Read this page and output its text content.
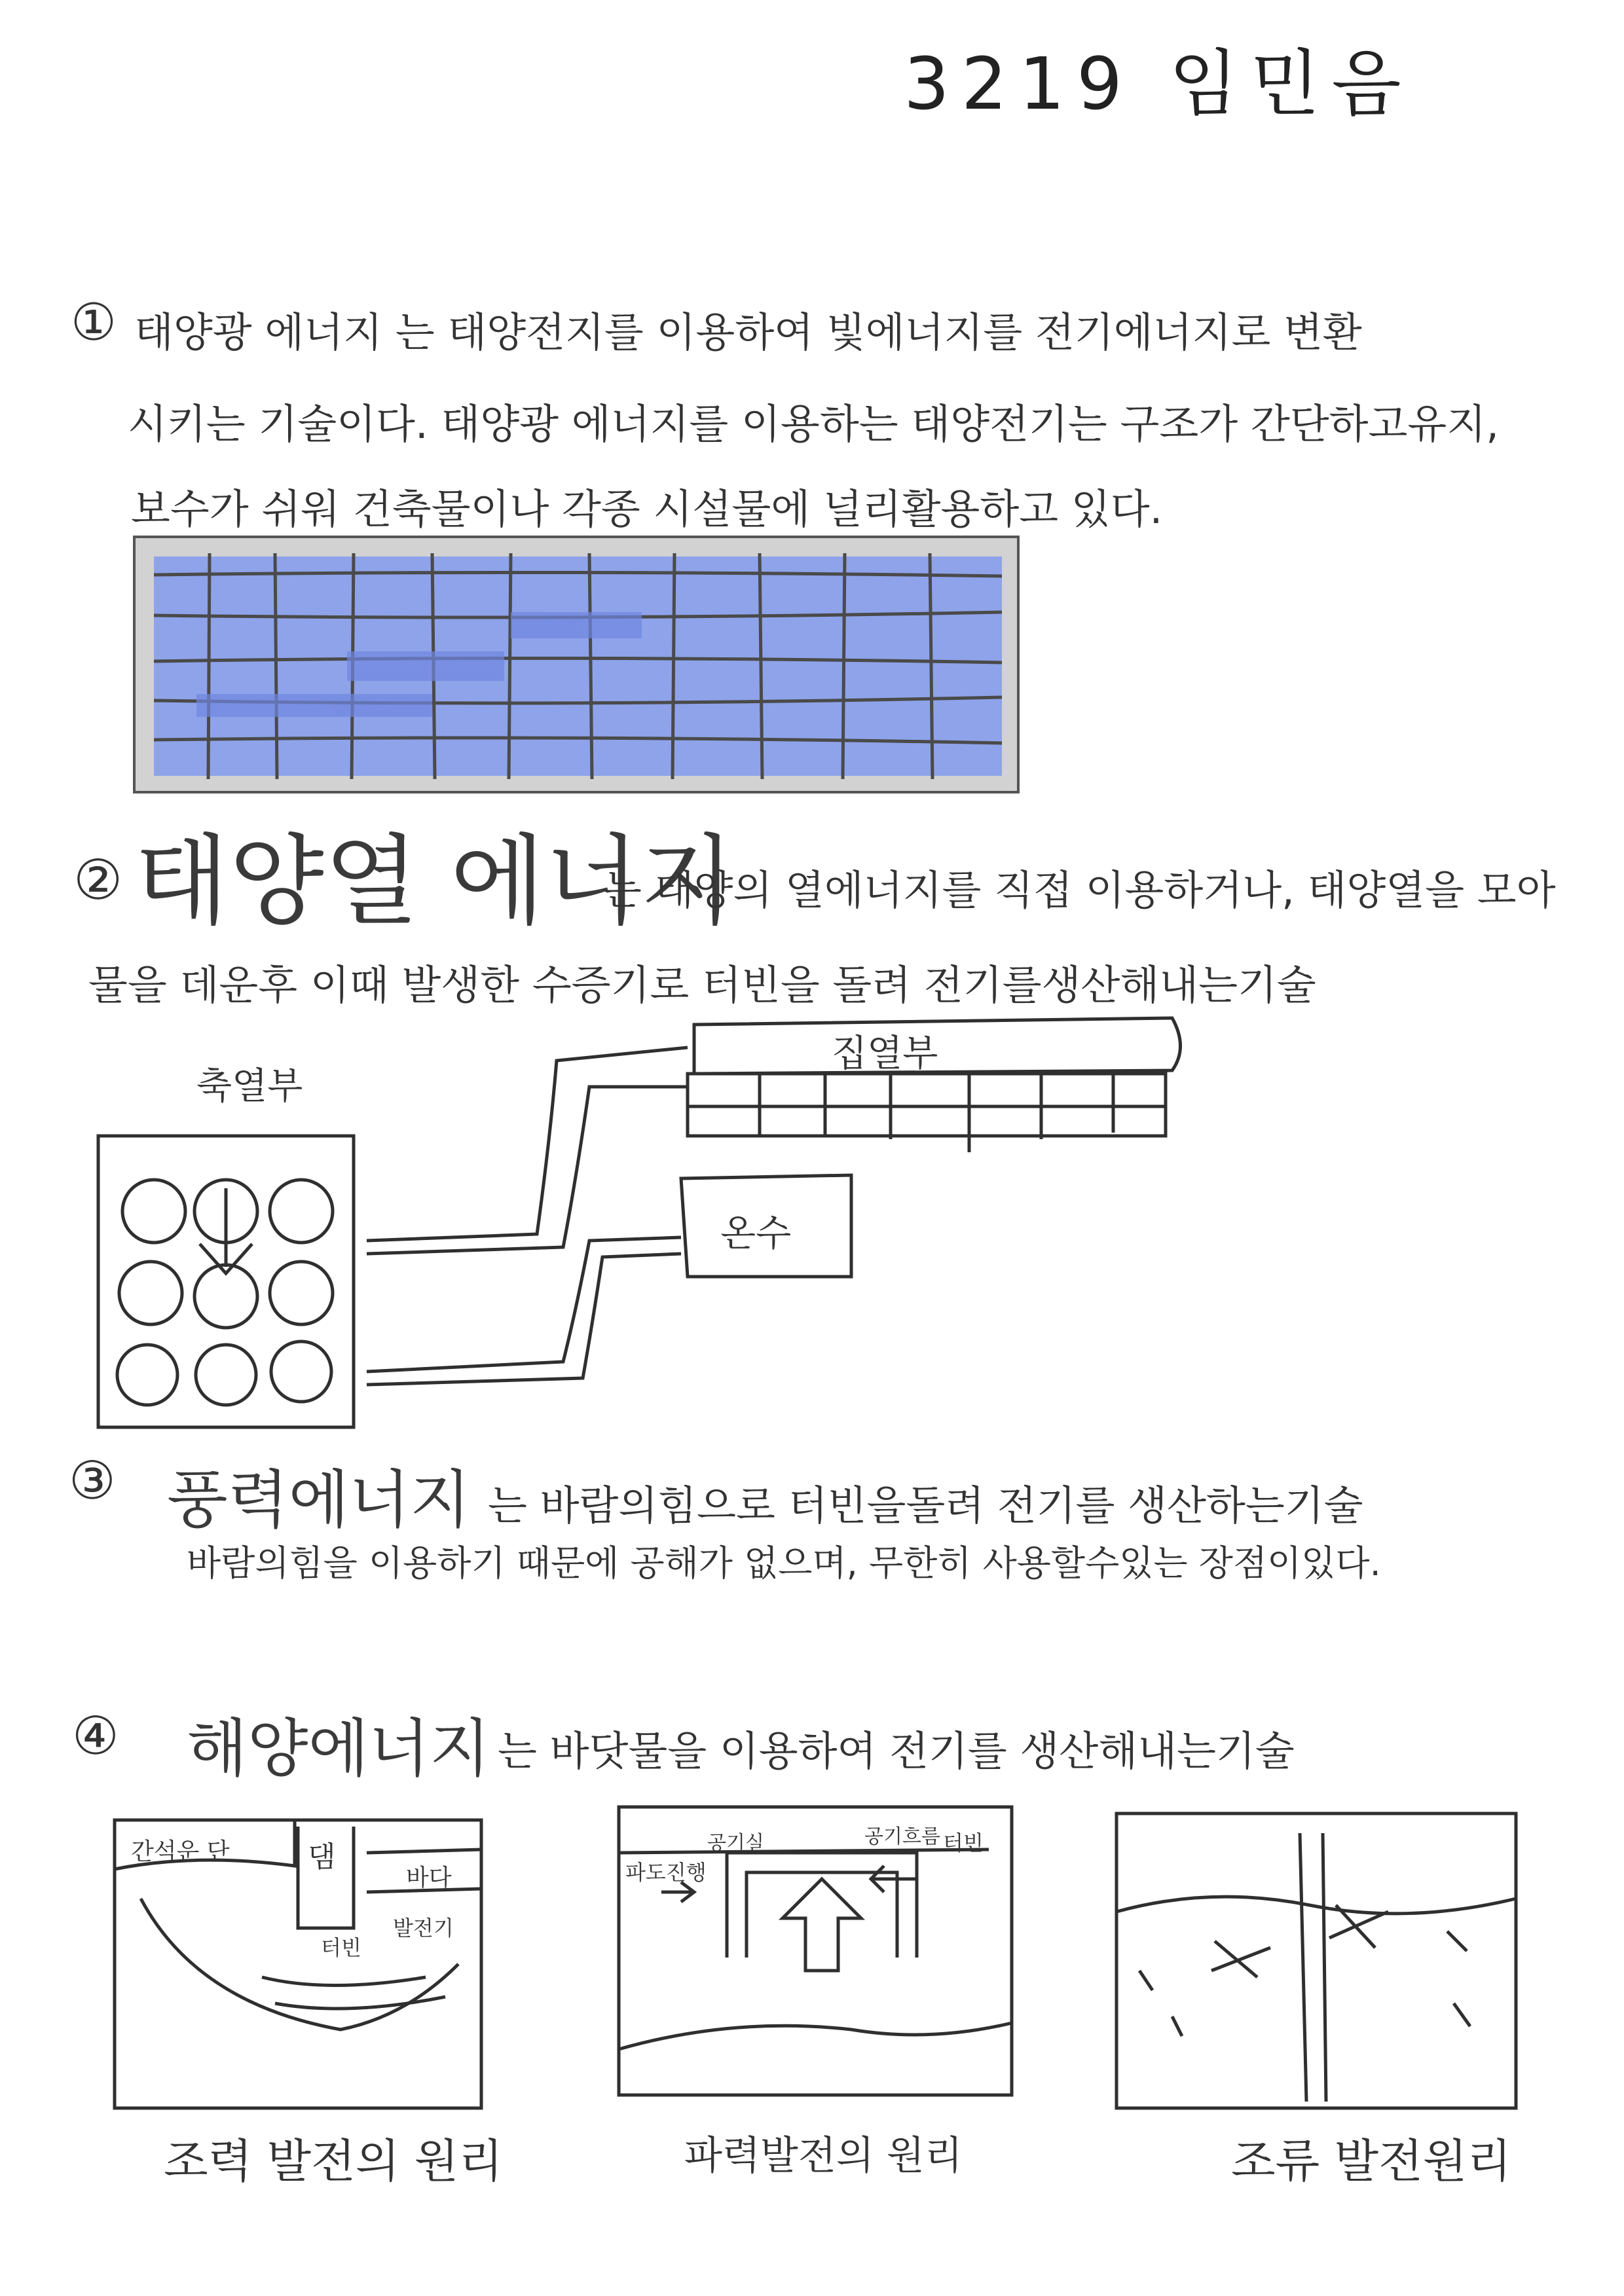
3219 임민음
① 태양광 에너지 는 태양전지를 이용하여 빛에너지를 전기에너지로 변환
시키는 기술이다. 태양광 에너지를 이용하는 태양전기는 구조가 간단하고유지,
보수가 쉬워 건축물이나 각종 시설물에 널리활용하고 있다.
② 태양열 에너지
는 태양의 열에너지를 직접 이용하거나, 태양열을 모아
물을 데운후 이때 발생한 수증기로 터빈을 돌려 전기를생산해내는기술
축열부
집열부
온수
③ 풍력에너지 는 바람의힘으로 터빈을돌려 전기를 생산하는기술
바람의힘을 이용하기 때문에 공해가 없으며, 무한히 사용할수있는 장점이있다.
④ 해양에너지 는 바닷물을 이용하여 전기를 생산해내는기술
간석운 단	댐
바다
터빈
발전기
조력 발전의 원리
파도진행
공기실	공기흐름 터빈
파력발전의 원리	조류 발전원리
